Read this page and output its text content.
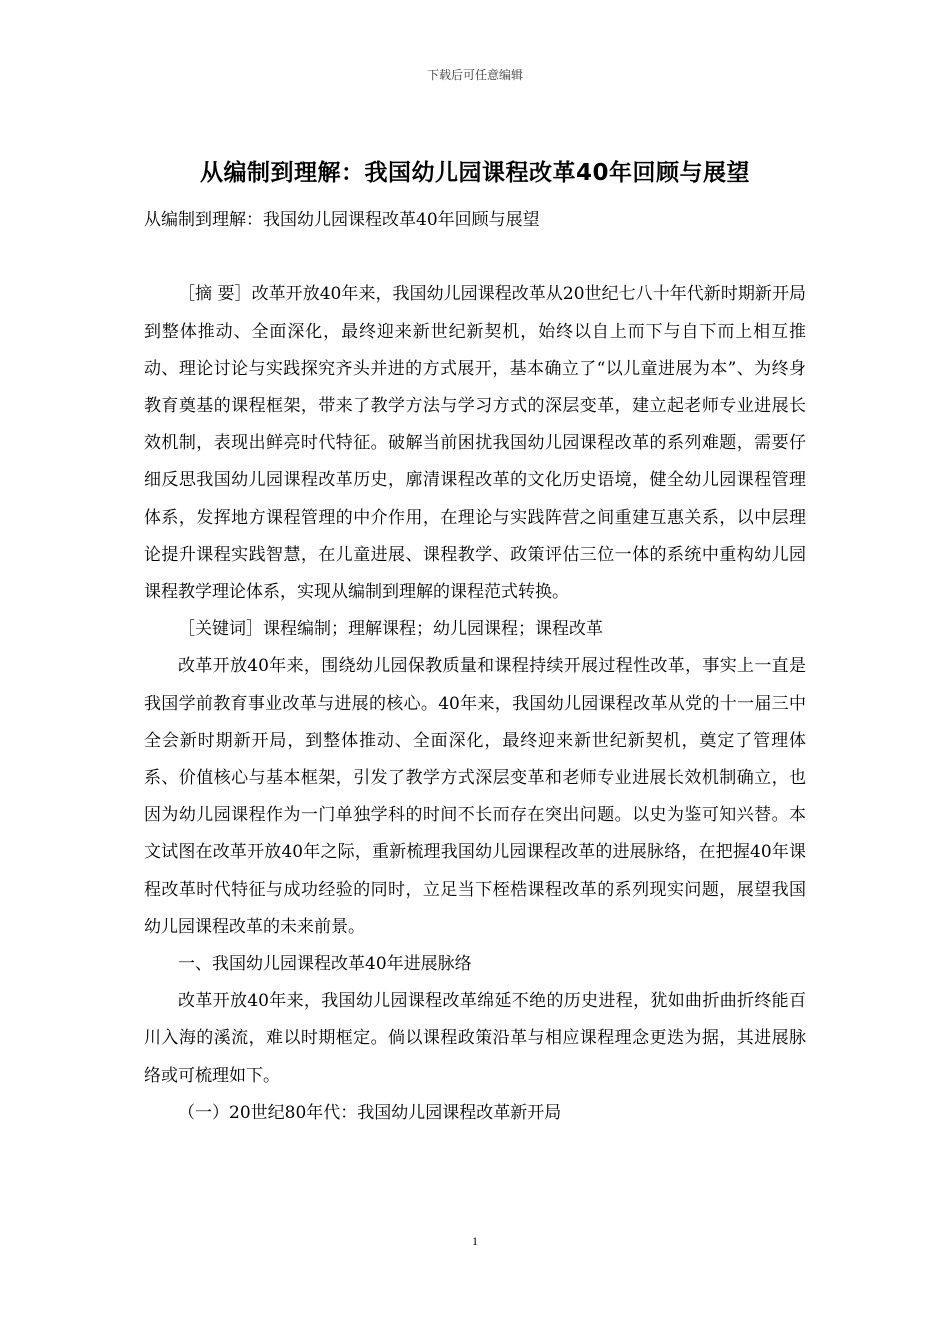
下载后可任意编辑
从编制到理解：我国幼儿园课程改革40年回顾与展望

从编制到理解：我国幼儿园课程改革40年回顾与展望

［摘 要］改革开放40年来，我国幼儿园课程改革从20世纪七八十年代新时期新开局到整体推动、全面深化，最终迎来新世纪新契机，始终以自上而下与自下而上相互推动、理论讨论与实践探究齐头并进的方式展开，基本确立了“以儿童进展为本”、为终身教育奠基的课程框架，带来了教学方法与学习方式的深层变革，建立起老师专业进展长效机制，表现出鲜亮时代特征。破解当前困扰我国幼儿园课程改革的系列难题，需要仔细反思我国幼儿园课程改革历史，廓清课程改革的文化历史语境，健全幼儿园课程管理体系，发挥地方课程管理的中介作用，在理论与实践阵营之间重建互惠关系，以中层理论提升课程实践智慧，在儿童进展、课程教学、政策评估三位一体的系统中重构幼儿园课程教学理论体系，实现从编制到理解的课程范式转换。

［关键词］课程编制；理解课程；幼儿园课程；课程改革

改革开放40年来，围绕幼儿园保教质量和课程持续开展过程性改革，事实上一直是我国学前教育事业改革与进展的核心。40年来，我国幼儿园课程改革从党的十一届三中全会新时期新开局，到整体推动、全面深化，最终迎来新世纪新契机，奠定了管理体系、价值核心与基本框架，引发了教学方式深层变革和老师专业进展长效机制确立，也因为幼儿园课程作为一门单独学科的时间不长而存在突出问题。以史为鉴可知兴替。本文试图在改革开放40年之际，重新梳理我国幼儿园课程改革的进展脉络，在把握40年课程改革时代特征与成功经验的同时，立足当下桎梏课程改革的系列现实问题，展望我国幼儿园课程改革的未来前景。

一、我国幼儿园课程改革40年进展脉络

改革开放40年来，我国幼儿园课程改革绵延不绝的历史进程，犹如曲折曲折终能百川入海的溪流，难以时期框定。倘以课程政策沿革与相应课程理念更迭为据，其进展脉络或可梳理如下。

（一）20世纪80年代：我国幼儿园课程改革新开局

1
